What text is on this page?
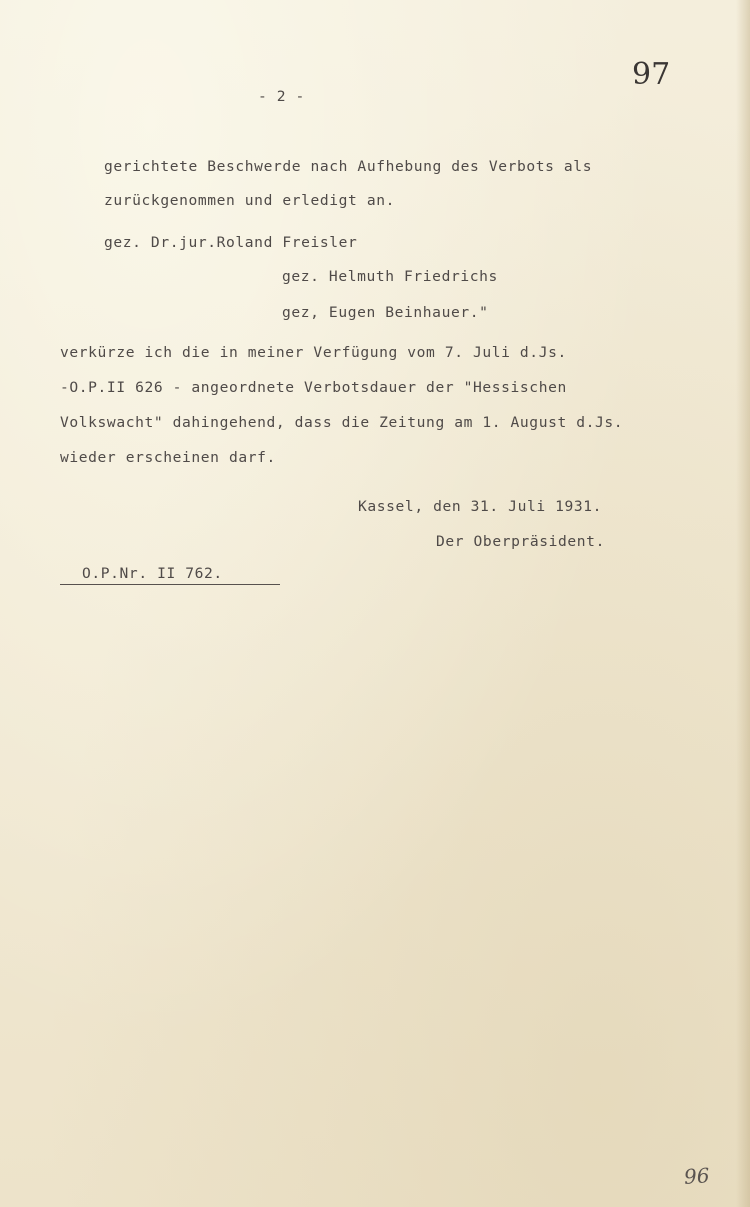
97

- 2 -

gerichtete Beschwerde nach Aufhebung des Verbots als

zurückgenommen und erledigt an.

gez. Dr.jur.Roland Freisler

gez. Helmuth Friedrichs

gez, Eugen Beinhauer."

verkürze ich die in meiner Verfügung vom 7. Juli d.Js.

-O.P.II 626 - angeordnete Verbotsdauer der "Hessischen

Volkswacht" dahingehend, dass die Zeitung am 1. August d.Js.

wieder erscheinen darf.

Kassel, den 31. Juli 1931.

Der Oberpräsident.

O.P.Nr. II 762.

96
